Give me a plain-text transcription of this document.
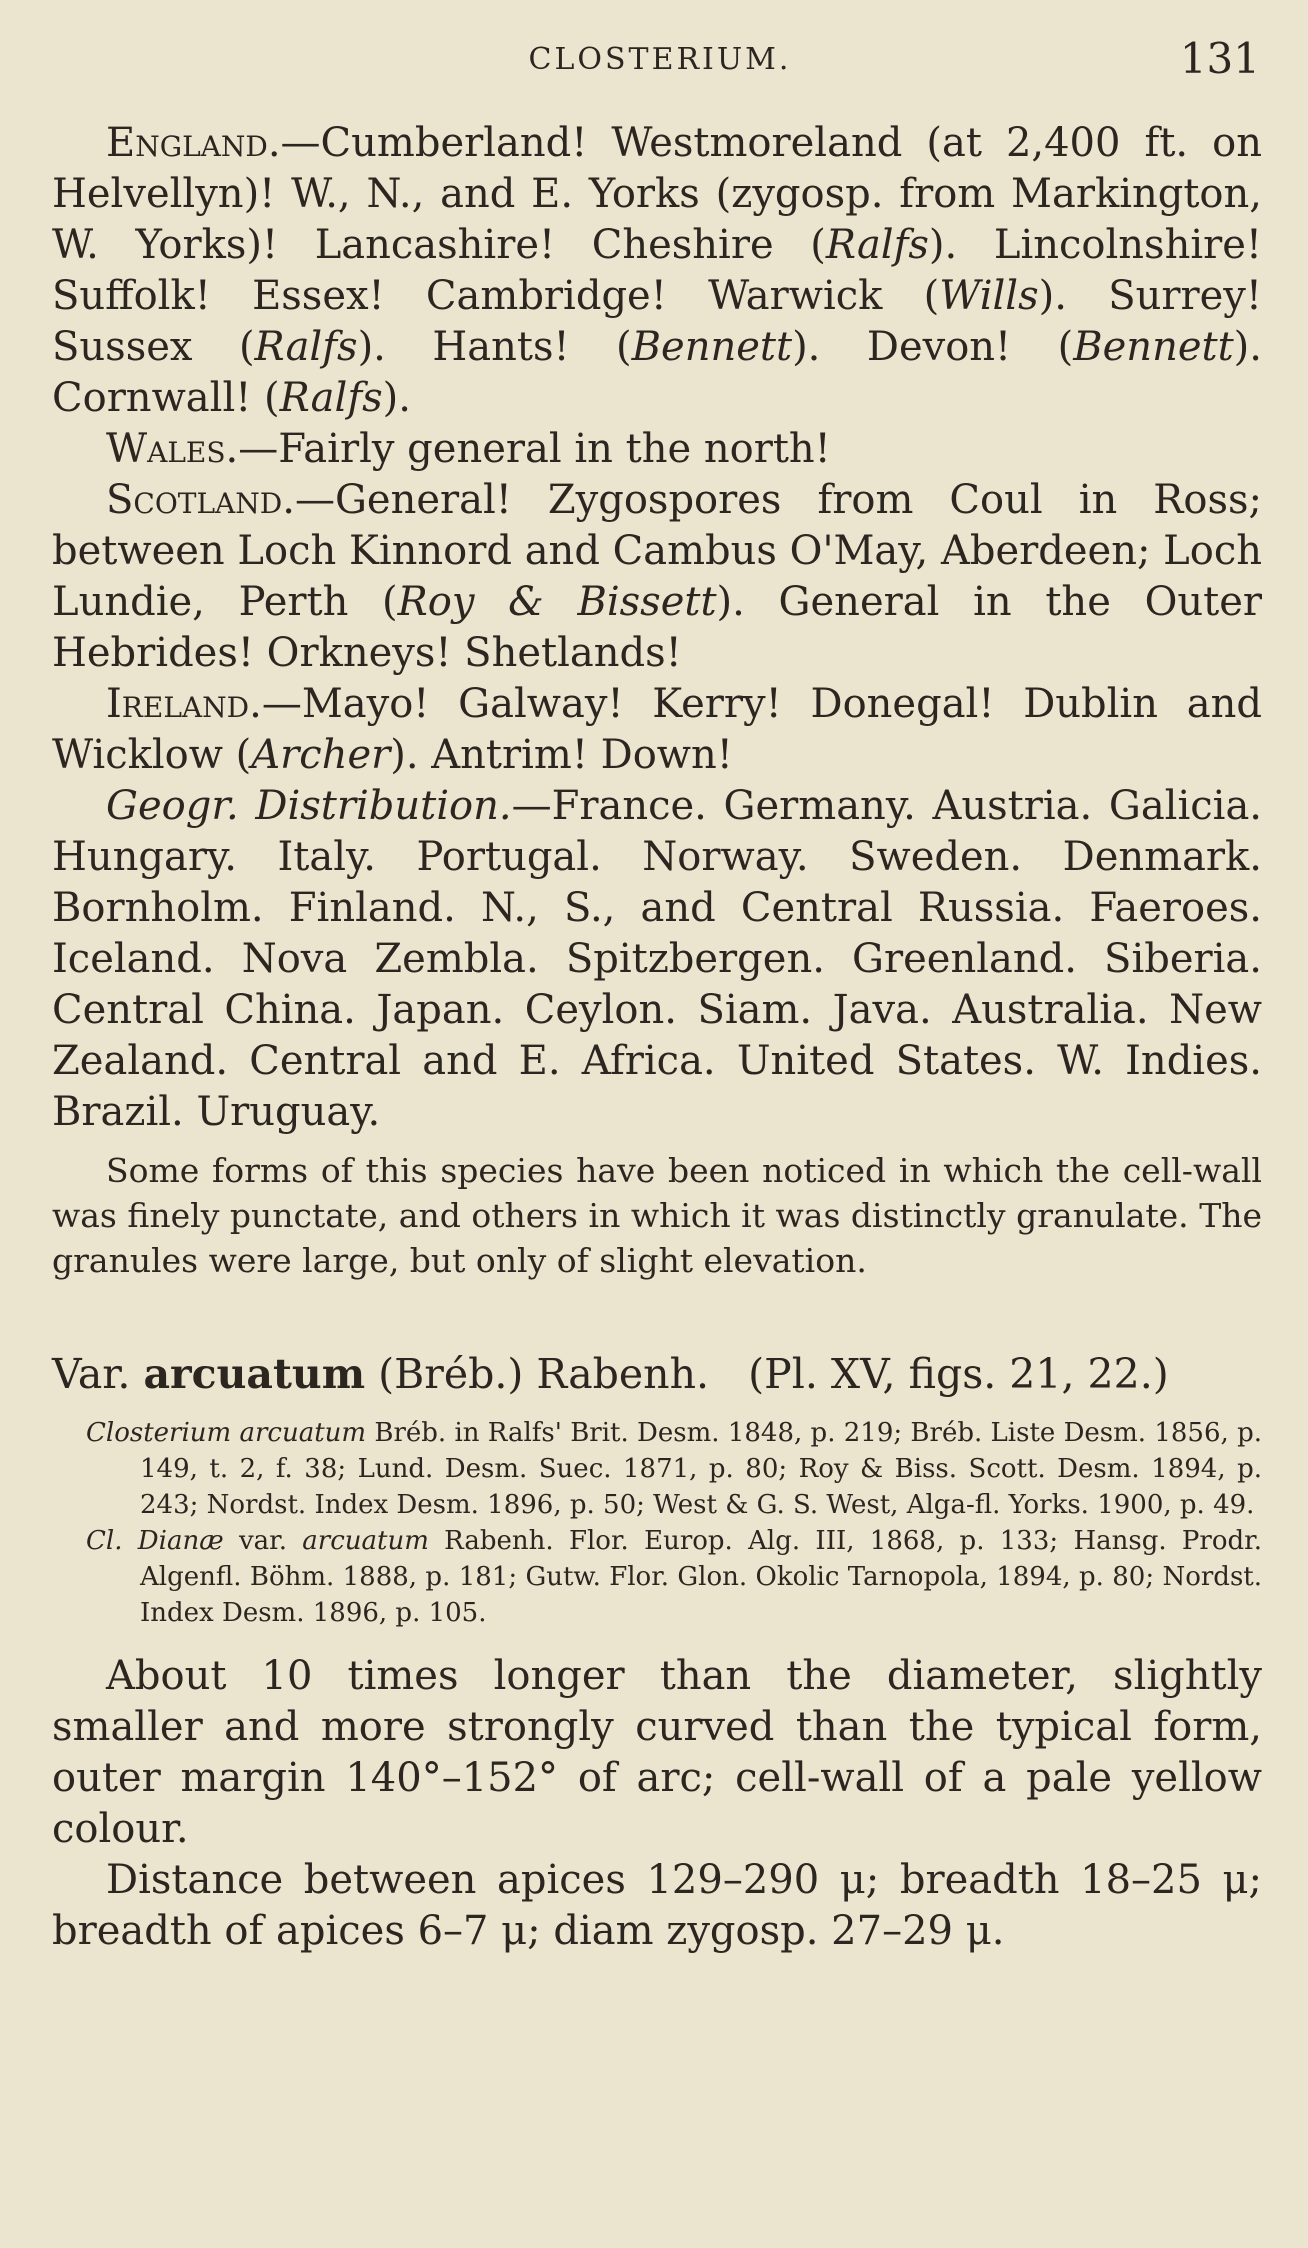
CLOSTERIUM.	131

England.—Cumberland! Westmoreland (at 2,400 ft. on Helvellyn)! W., N., and E. Yorks (zygosp. from Markington, W. Yorks)! Lancashire! Cheshire (Ralfs). Lincolnshire! Suffolk! Essex! Cambridge! Warwick (Wills). Surrey! Sussex (Ralfs). Hants! (Bennett). Devon! (Bennett). Cornwall! (Ralfs).

Wales.—Fairly general in the north!

Scotland.—General! Zygospores from Coul in Ross; between Loch Kinnord and Cambus O'May, Aberdeen; Loch Lundie, Perth (Roy & Bissett). General in the Outer Hebrides! Orkneys! Shetlands!

Ireland.—Mayo! Galway! Kerry! Donegal! Dublin and Wicklow (Archer). Antrim! Down!

Geogr. Distribution.—France. Germany. Austria. Galicia. Hungary. Italy. Portugal. Norway. Sweden. Denmark. Bornholm. Finland. N., S., and Central Russia. Faeroes. Iceland. Nova Zembla. Spitzbergen. Greenland. Siberia. Central China. Japan. Ceylon. Siam. Java. Australia. New Zealand. Central and E. Africa. United States. W. Indies. Brazil. Uruguay.

Some forms of this species have been noticed in which the cell-wall was finely punctate, and others in which it was distinctly granulate. The granules were large, but only of slight elevation.

Var. arcuatum (Bréb.) Rabenh. (Pl. XV, figs. 21, 22.)

Closterium arcuatum Bréb. in Ralfs' Brit. Desm. 1848, p. 219; Bréb. Liste Desm. 1856, p. 149, t. 2, f. 38; Lund. Desm. Suec. 1871, p. 80; Roy & Biss. Scott. Desm. 1894, p. 243; Nordst. Index Desm. 1896, p. 50; West & G. S. West, Alga-fl. Yorks. 1900, p. 49.

Cl. Dianæ var. arcuatum Rabenh. Flor. Europ. Alg. III, 1868, p. 133; Hansg. Prodr. Algenfl. Böhm. 1888, p. 181; Gutw. Flor. Glon. Okolic Tarnopola, 1894, p. 80; Nordst. Index Desm. 1896, p. 105.

About 10 times longer than the diameter, slightly smaller and more strongly curved than the typical form, outer margin 140°–152° of arc; cell-wall of a pale yellow colour.

Distance between apices 129–290 μ; breadth 18–25 μ; breadth of apices 6–7 μ; diam zygosp. 27–29 μ.
